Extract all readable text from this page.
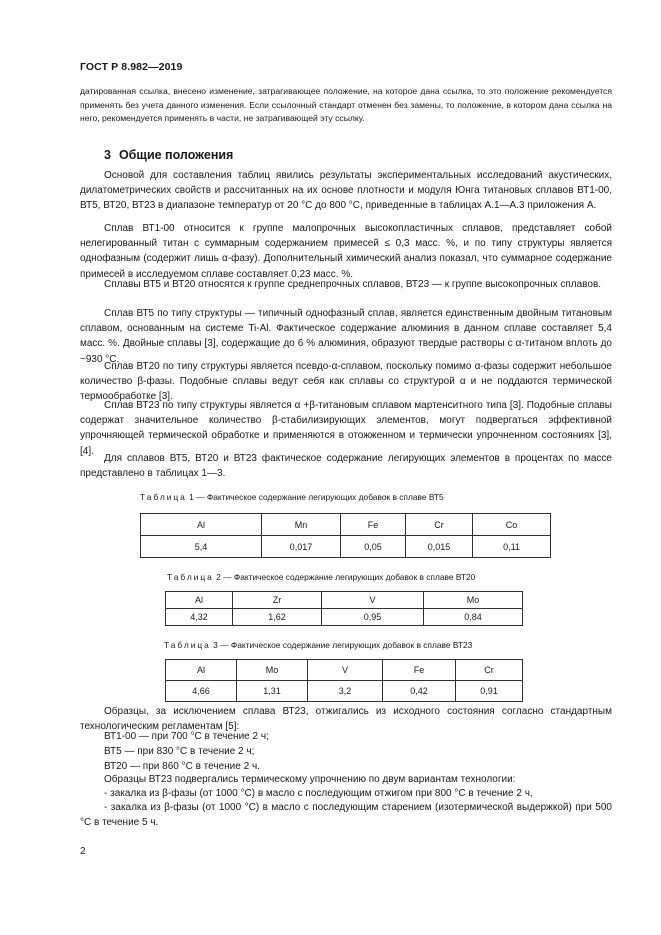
ГОСТ Р 8.982—2019
датированная ссылка, внесено изменение, затрагивающее положение, на которое дана ссылка, то это положение рекомендуется применять без учета данного изменения. Если ссылочный стандарт отменен без замены, то положение, в котором дана ссылка на него, рекомендуется применять в части, не затрагивающей эту ссылку.
3 Общие положения
Основой для составления таблиц явились результаты экспериментальных исследований акустических, дилатометрических свойств и рассчитанных на их основе плотности и модуля Юнга титановых сплавов ВТ1-00, ВТ5, ВТ20, ВТ23 в диапазоне температур от 20 °С до 800 °С, приведенные в таблицах А.1—А.3 приложения А.
Сплав ВТ1-00 относится к группе малопрочных высокопластичных сплавов, представляет собой нелегированный титан с суммарным содержанием примесей ≤ 0,3 масс. %, и по типу структуры является однофазным (содержит лишь α-фазу). Дополнительный химический анализ показал, что суммарное содержание примесей в исследуемом сплаве составляет 0,23 масс. %.
Сплавы ВТ5 и ВТ20 относятся к группе среднепрочных сплавов, ВТ23 — к группе высокопрочных сплавов.
Сплав ВТ5 по типу структуры — типичный однофазный сплав, является единственным двойным титановым сплавом, основанным на системе Ti-Al. Фактическое содержание алюминия в данном сплаве составляет 5,4 масс. %. Двойные сплавы [3], содержащие до 6 % алюминия, образуют твердые растворы с α-титаном вплоть до ~930 °С.
Сплав ВТ20 по типу структуры является псевдо-α-сплавом, поскольку помимо α-фазы содержит небольшое количество β-фазы. Подобные сплавы ведут себя как сплавы со структурой α и не поддаются термической термообработке [3].
Сплав ВТ23 по типу структуры является α +β-титановым сплавом мартенситного типа [3]. Подобные сплавы содержат значительное количество β-стабилизирующих элементов, могут подвергаться эффективной упрочняющей термической обработке и применяются в отожженном и термически упрочненном состояниях [3], [4].
Для сплавов ВТ5, ВТ20 и ВТ23 фактическое содержание легирующих элементов в процентах по массе представлено в таблицах 1—3.
Таблица 1 — Фактическое содержание легирующих добавок в сплаве ВТ5
Al	Mn	Fe	Cr	Co
5,4	0,017	0,05	0,015	0,11
Таблица 2 — Фактическое содержание легирующих добавок в сплаве ВТ20
Al	Zr	V	Mo
4,32	1,62	0,95	0,84
Таблица 3 — Фактическое содержание легирующих добавок в сплаве ВТ23
Al	Mo	V	Fe	Cr
4,66	1,31	3,2	0,42	0,91
Образцы, за исключением сплава ВТ23, отжигались из исходного состояния согласно стандартным технологическим регламентам [5]:
ВТ1-00 — при 700 °С в течение 2 ч;
ВТ5 — при 830 °С в течение 2 ч;
ВТ20 — при 860 °С в течение 2 ч.
Образцы ВТ23 подвергались термическому упрочнению по двум вариантам технологии:
- закалка из β-фазы (от 1000 °С) в масло с последующим отжигом при 800 °С в течение 2 ч,
- закалка из β-фазы (от 1000 °С) в масло с последующим старением (изотермической выдержкой) при 500 °С в течение 5 ч.
2
